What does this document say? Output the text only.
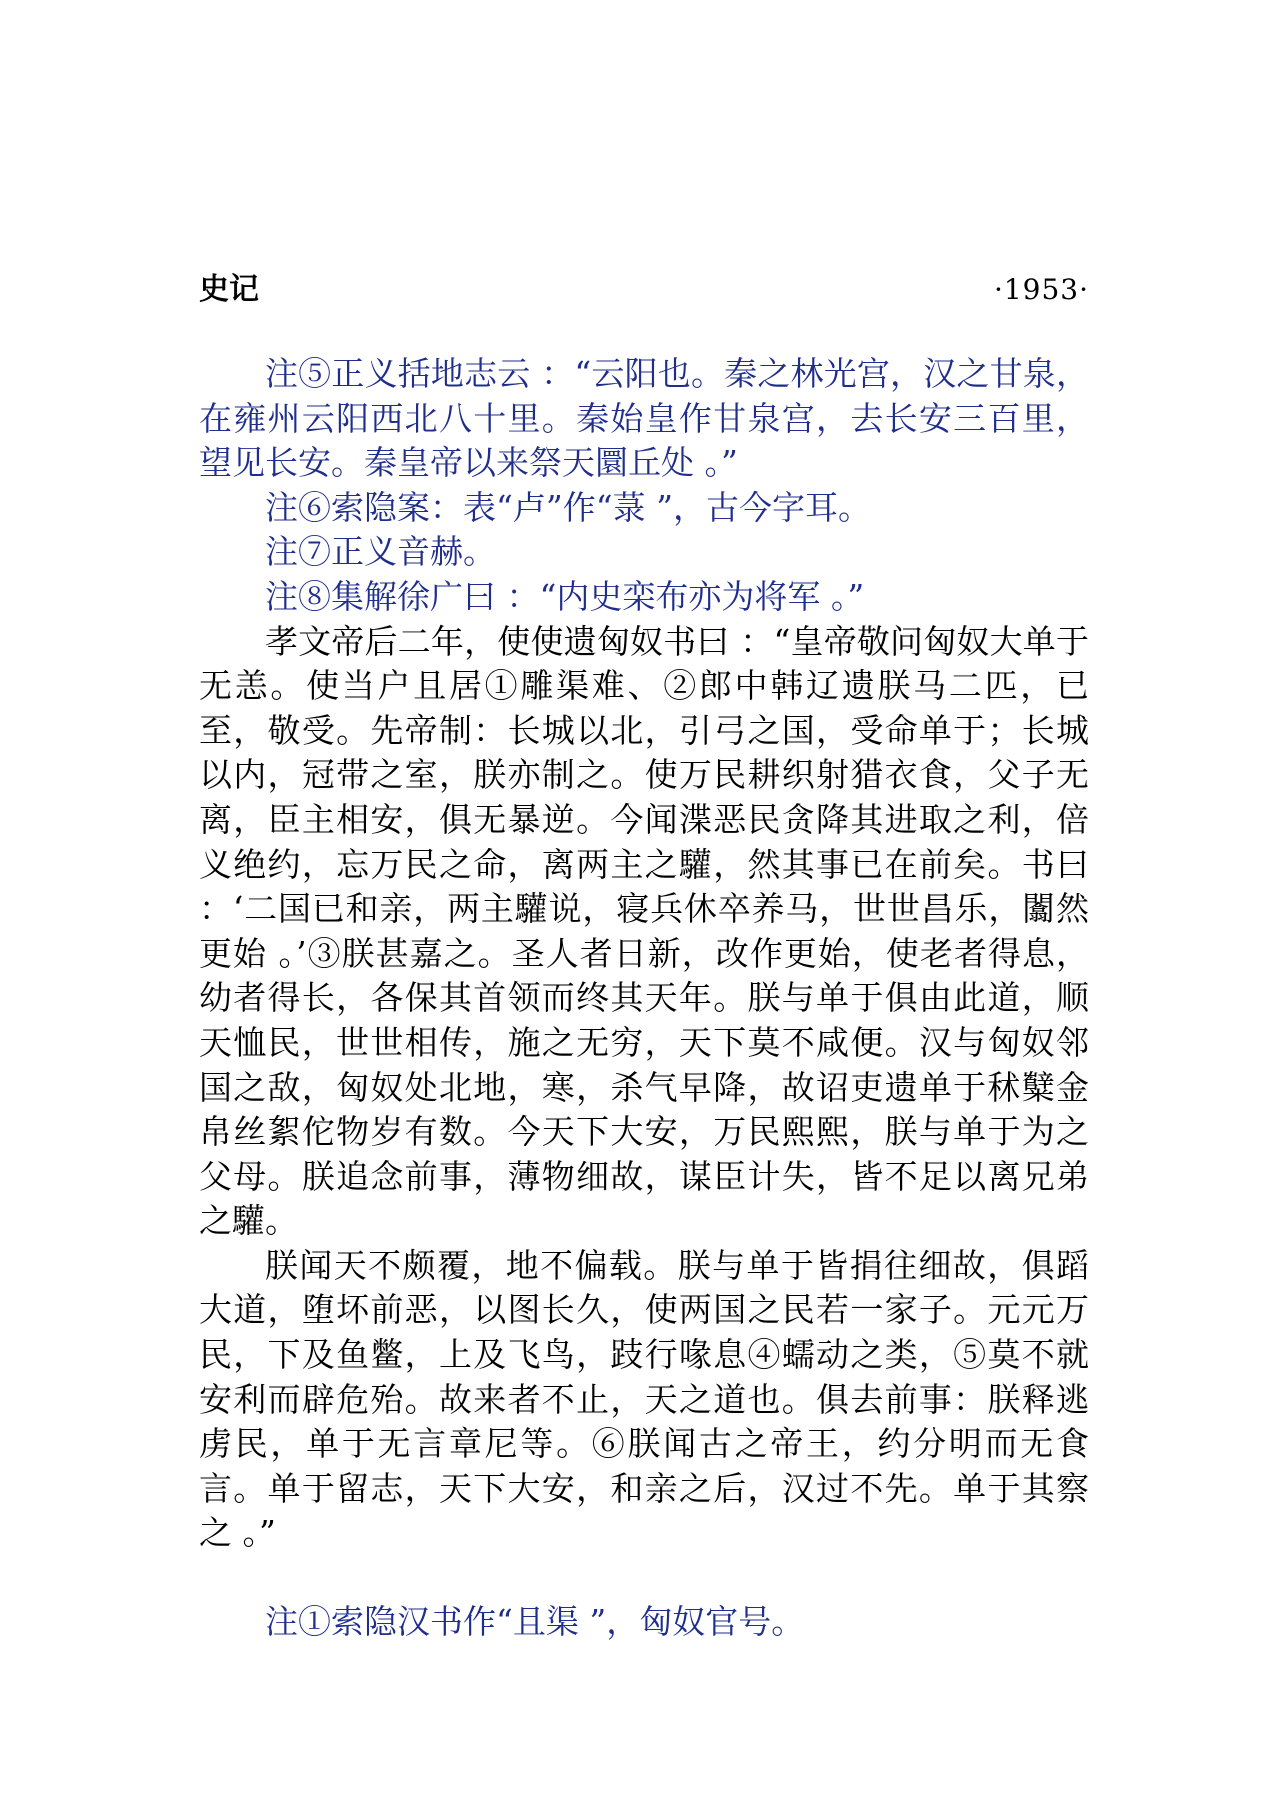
史记	·1953·

注⑤正义括地志云 ：“云阳也。秦之林光宫，汉之甘泉，在雍州云阳西北八十里。秦始皇作甘泉宫，去长安三百里，望见长安。秦皇帝以来祭天圜丘处 。”

注⑥索隐案：表“卢”作“菉 ”，古今字耳。

注⑦正义音赫。

注⑧集解徐广曰 ：“内史栾布亦为将军 。”

孝文帝后二年，使使遗匈奴书曰 ：“皇帝敬问匈奴大单于无恙。使当户且居①雕渠难、②郎中韩辽遗朕马二匹，已至，敬受。先帝制：长城以北，引弓之国，受命单于；长城以内，冠带之室，朕亦制之。使万民耕织射猎衣食，父子无离，臣主相安，俱无暴逆。今闻渫恶民贪降其进取之利，倍义绝约，忘万民之命，离两主之驩，然其事已在前矣。书曰 ：‘二国已和亲，两主驩说，寝兵休卒养马，世世昌乐，闟然更始 。’③朕甚嘉之。圣人者日新，改作更始，使老者得息，幼者得长，各保其首领而终其天年。朕与单于俱由此道，顺天恤民，世世相传，施之无穷，天下莫不咸便。汉与匈奴邻国之敌，匈奴处北地，寒，杀气早降，故诏吏遗单于秫糱金帛丝絮佗物岁有数。今天下大安，万民熙熙，朕与单于为之父母。朕追念前事，薄物细故，谋臣计失，皆不足以离兄弟之驩。

朕闻天不颇覆，地不偏载。朕与单于皆捐往细故，俱蹈大道，堕坏前恶，以图长久，使两国之民若一家子。元元万民，下及鱼鳖，上及飞鸟，跂行喙息④蠕动之类，⑤莫不就安利而辟危殆。故来者不止，天之道也。俱去前事：朕释逃虏民，单于无言章尼等。⑥朕闻古之帝王，约分明而无食言。单于留志，天下大安，和亲之后，汉过不先。单于其察之 。”

注①索隐汉书作“且渠 ”，匈奴官号。
